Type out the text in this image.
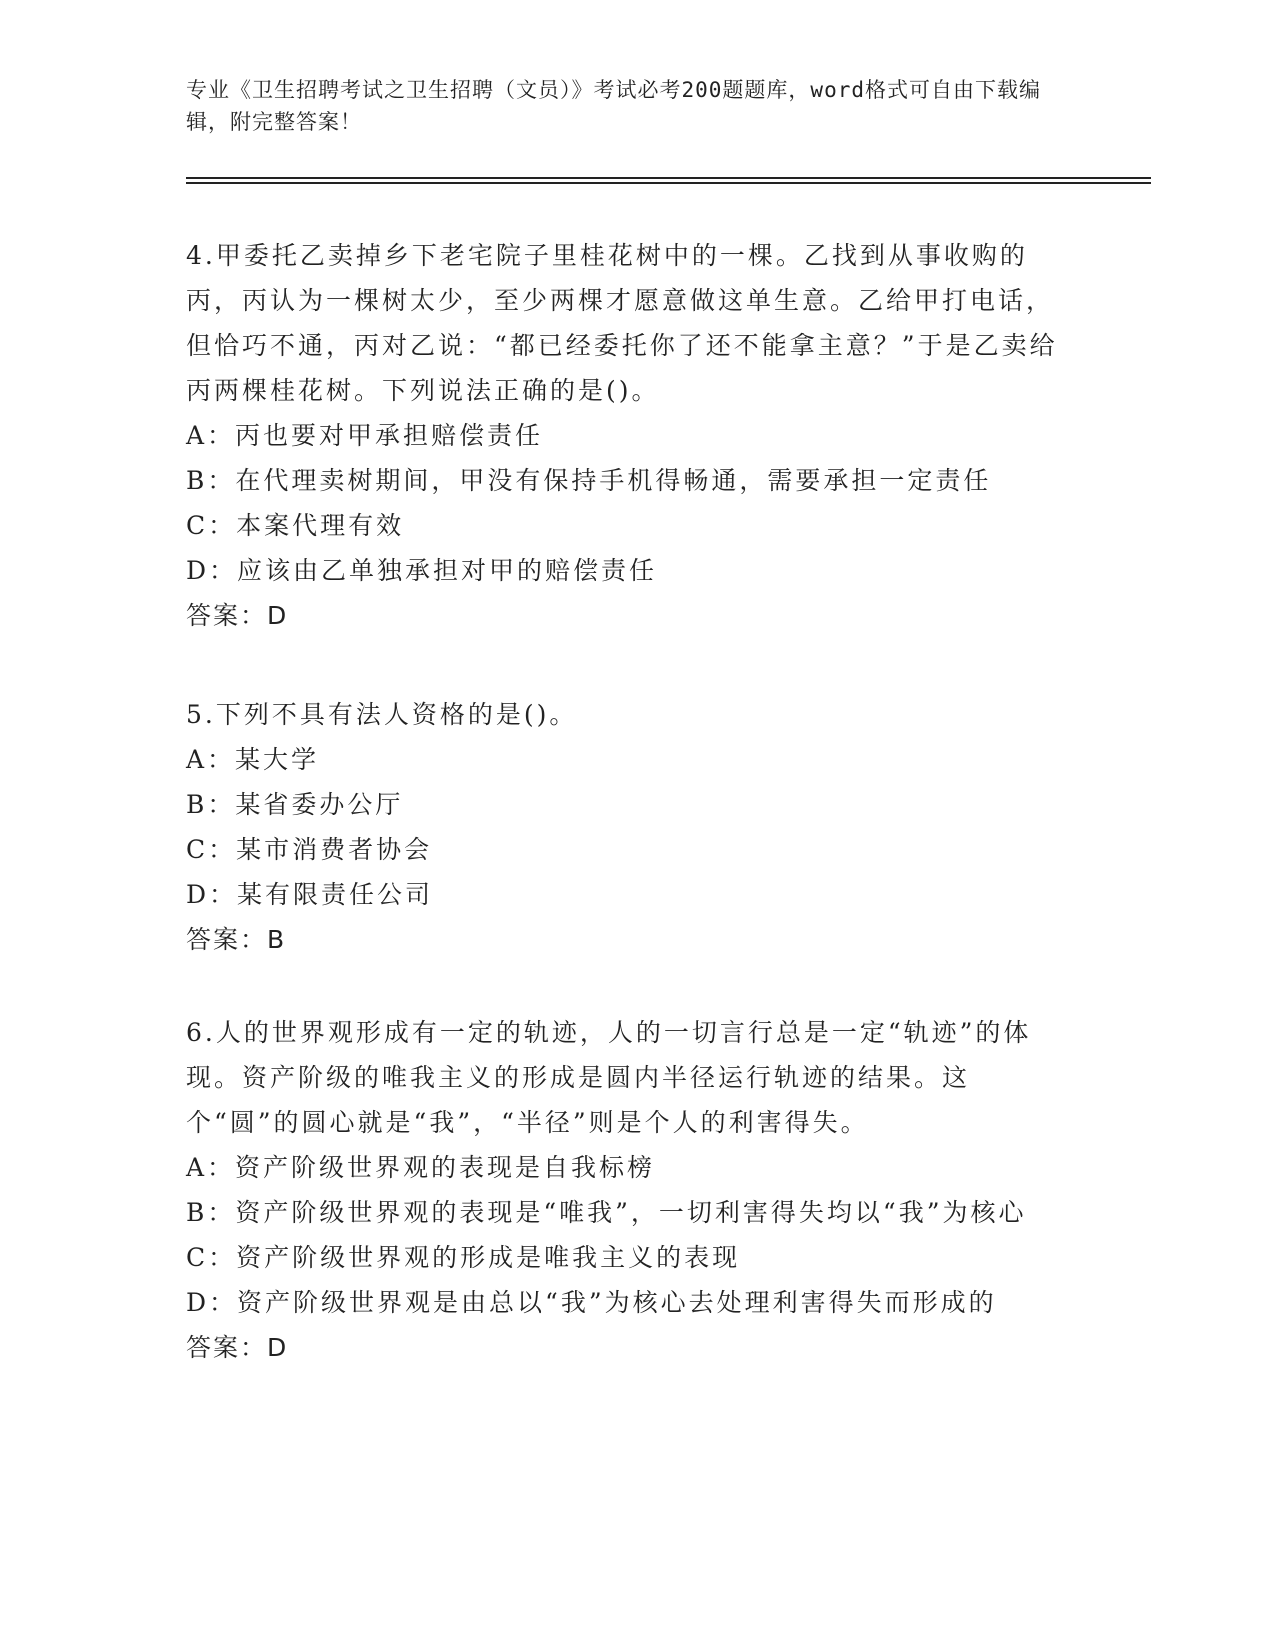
专业《卫生招聘考试之卫生招聘（文员）》考试必考200题题库，word格式可自由下载编辑，附完整答案！

4.甲委托乙卖掉乡下老宅院子里桂花树中的一棵。乙找到从事收购的丙，丙认为一棵树太少，至少两棵才愿意做这单生意。乙给甲打电话，但恰巧不通，丙对乙说：“都已经委托你了还不能拿主意？”于是乙卖给丙两棵桂花树。下列说法正确的是()。

A：丙也要对甲承担赔偿责任

B：在代理卖树期间，甲没有保持手机得畅通，需要承担一定责任

C：本案代理有效

D：应该由乙单独承担对甲的赔偿责任

答案：D

5.下列不具有法人资格的是()。

A：某大学

B：某省委办公厅

C：某市消费者协会

D：某有限责任公司

答案：B

6.人的世界观形成有一定的轨迹，人的一切言行总是一定“轨迹”的体现。资产阶级的唯我主义的形成是圆内半径运行轨迹的结果。这个“圆”的圆心就是“我”，“半径”则是个人的利害得失。

A：资产阶级世界观的表现是自我标榜

B：资产阶级世界观的表现是“唯我”，一切利害得失均以“我”为核心

C：资产阶级世界观的形成是唯我主义的表现

D：资产阶级世界观是由总以“我”为核心去处理利害得失而形成的

答案：D
